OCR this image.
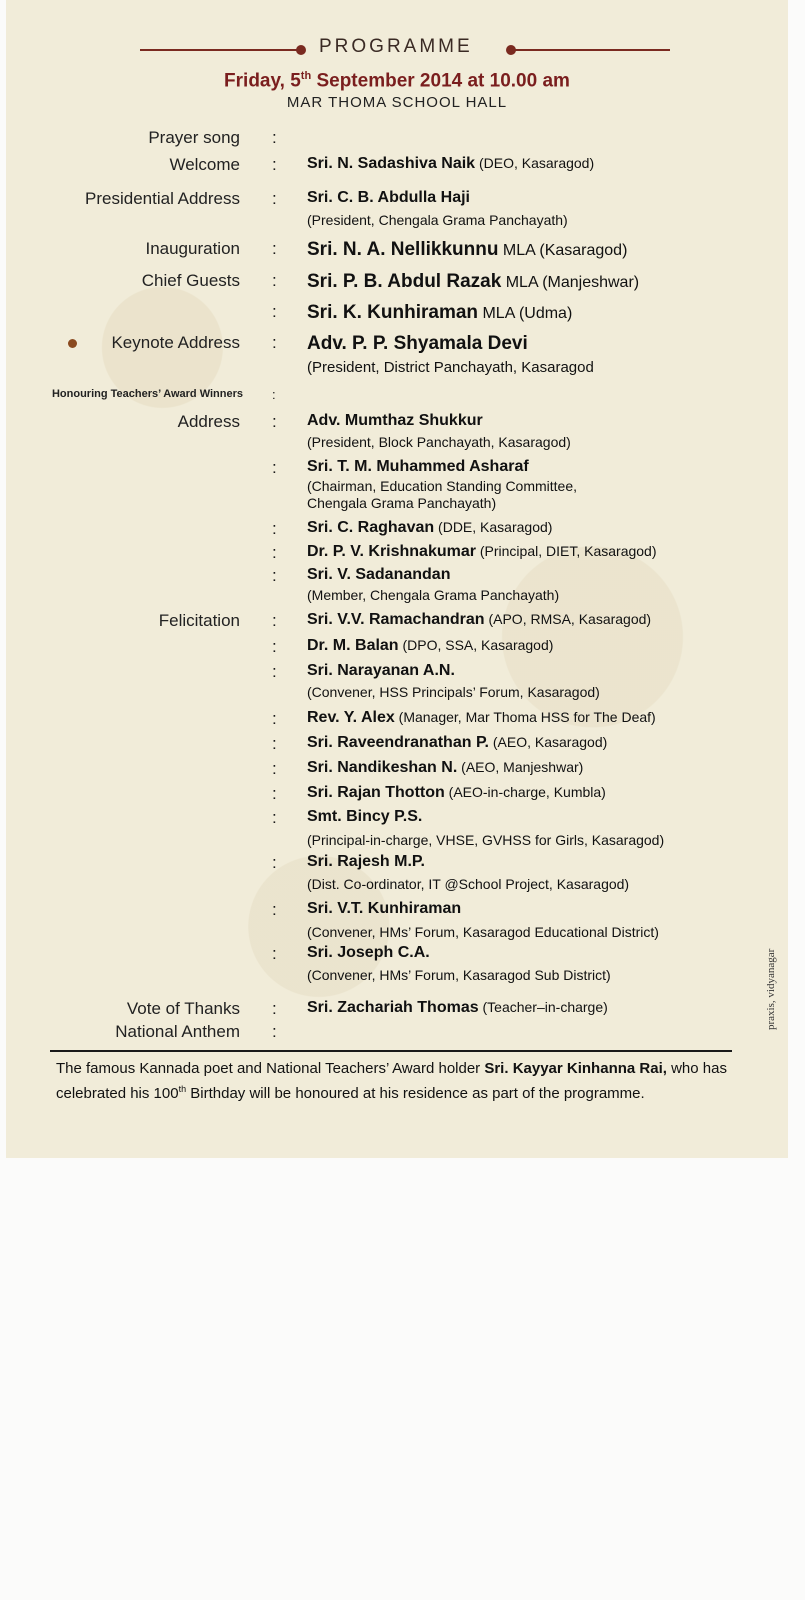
PROGRAMME
Friday, 5th September 2014 at 10.00 am
MAR THOMA SCHOOL HALL
Prayer song :
Welcome : Sri. N. Sadashiva Naik (DEO, Kasaragod)
Presidential Address : Sri. C. B. Abdulla Haji
(President, Chengala Grama Panchayath)
Inauguration : Sri. N. A. Nellikkunnu MLA (Kasaragod)
Chief Guests : Sri. P. B. Abdul Razak MLA (Manjeshwar)
: Sri. K. Kunhiraman MLA (Udma)
Keynote Address : Adv. P. P. Shyamala Devi
(President, District Panchayath, Kasaragod
Honouring Teachers’ Award Winners :
Address : Adv. Mumthaz Shukkur
(President, Block Panchayath, Kasaragod)
: Sri. T. M. Muhammed Asharaf
(Chairman, Education Standing Committee,
Chengala Grama Panchayath)
: Sri. C. Raghavan (DDE, Kasaragod)
: Dr. P. V. Krishnakumar (Principal, DIET, Kasaragod)
: Sri. V. Sadanandan
(Member, Chengala Grama Panchayath)
Felicitation : Sri. V.V. Ramachandran (APO, RMSA, Kasaragod)
: Dr. M. Balan (DPO, SSA, Kasaragod)
: Sri. Narayanan A.N.
(Convener, HSS Principals’ Forum, Kasaragod)
: Rev. Y. Alex (Manager, Mar Thoma HSS for The Deaf)
: Sri. Raveendranathan P. (AEO, Kasaragod)
: Sri. Nandikeshan N. (AEO, Manjeshwar)
: Sri. Rajan Thotton (AEO-in-charge, Kumbla)
: Smt. Bincy P.S.
(Principal-in-charge, VHSE, GVHSS for Girls, Kasaragod)
: Sri. Rajesh M.P.
(Dist. Co-ordinator, IT @School Project, Kasaragod)
: Sri. V.T. Kunhiraman
(Convener, HMs’ Forum, Kasaragod Educational District)
: Sri. Joseph C.A.
(Convener, HMs’ Forum, Kasaragod Sub District)
Vote of Thanks : Sri. Zachariah Thomas (Teacher–in-charge)
National Anthem :
The famous Kannada poet and National Teachers’ Award holder Sri. Kayyar Kinhanna Rai, who has celebrated his 100th Birthday will be honoured at his residence as part of the programme.
praxis, vidyanagar
